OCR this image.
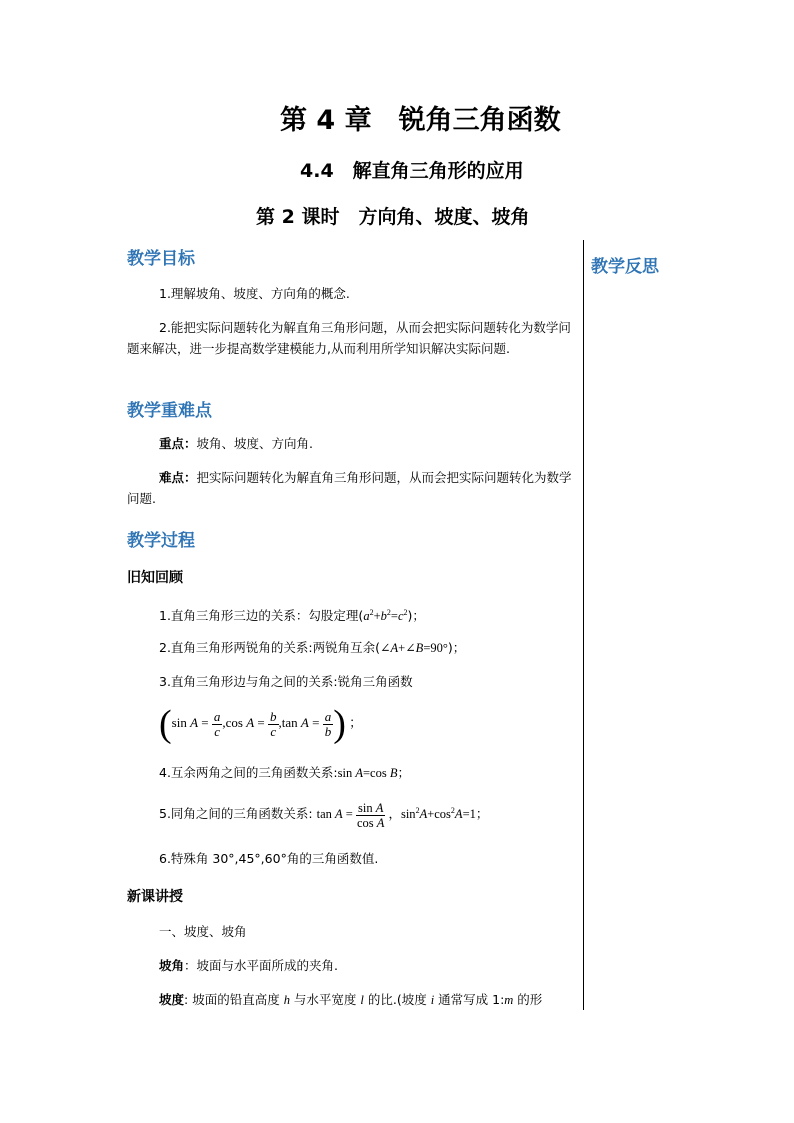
第 4 章　锐角三角函数
4.4　解直角三角形的应用
第 2 课时　方向角、坡度、坡角
教学反思
教学目标
1.理解坡角、坡度、方向角的概念.
2.能把实际问题转化为解直角三角形问题，从而会把实际问题转化为数学问题来解决，进一步提高数学建模能力,从而利用所学知识解决实际问题.
教学重难点
重点：坡角、坡度、方向角.
难点：把实际问题转化为解直角三角形问题，从而会把实际问题转化为数学问题.
教学过程
旧知回顾
1.直角三角形三边的关系：勾股定理$(a^2+b^2=c^2)$；
2.直角三角形两锐角的关系:两锐角互余(∠A+∠B=90°)；
3.直角三角形边与角之间的关系:锐角三角函数
(sin $A = \frac{a}{c} ,\cos$ $A = \frac{b}{c} ,\tan$ $A = \frac{a}{b}$ ) ；
4.互余两角之间的三角函数关系:sin A=cos B；
5.同角之间的三角函数关系: $\tan A = \frac{\text{sin A}}{\text{cos A}}$ ，$\sin^2A+\cos^2A=1$；
6.特殊角 30°,45°,60°角的三角函数值.
新课讲授
一、坡度、坡角
坡角：坡面与水平面所成的夹角.
坡度: 坡面的铅直高度 h 与水平宽度 l 的比.(坡度 i 通常写成 1:m 的形
